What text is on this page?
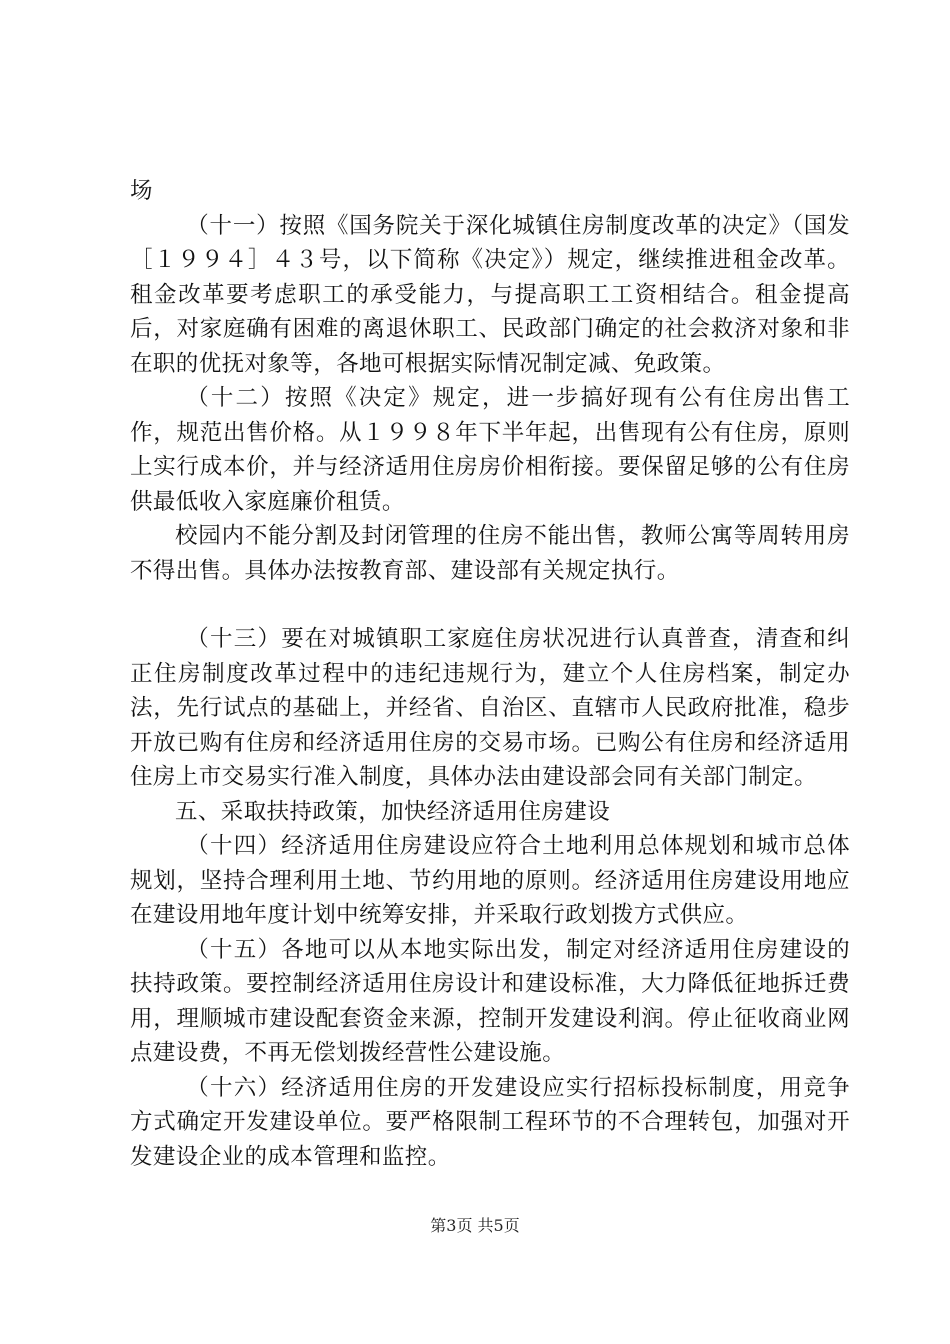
场

（十一）按照《国务院关于深化城镇住房制度改革的决定》（国发［１９９４］４３号，以下简称《决定》）规定，继续推进租金改革。租金改革要考虑职工的承受能力，与提高职工工资相结合。租金提高后，对家庭确有困难的离退休职工、民政部门确定的社会救济对象和非在职的优抚对象等，各地可根据实际情况制定减、免政策。

（十二）按照《决定》规定，进一步搞好现有公有住房出售工作，规范出售价格。从１９９８年下半年起，出售现有公有住房，原则上实行成本价，并与经济适用住房房价相衔接。要保留足够的公有住房供最低收入家庭廉价租赁。

校园内不能分割及封闭管理的住房不能出售，教师公寓等周转用房不得出售。具体办法按教育部、建设部有关规定执行。

（十三）要在对城镇职工家庭住房状况进行认真普查，清查和纠正住房制度改革过程中的违纪违规行为，建立个人住房档案，制定办法，先行试点的基础上，并经省、自治区、直辖市人民政府批准，稳步开放已购有住房和经济适用住房的交易市场。已购公有住房和经济适用住房上市交易实行准入制度，具体办法由建设部会同有关部门制定。

五、采取扶持政策，加快经济适用住房建设

（十四）经济适用住房建设应符合土地利用总体规划和城市总体规划，坚持合理利用土地、节约用地的原则。经济适用住房建设用地应在建设用地年度计划中统筹安排，并采取行政划拨方式供应。

（十五）各地可以从本地实际出发，制定对经济适用住房建设的扶持政策。要控制经济适用住房设计和建设标准，大力降低征地拆迁费用，理顺城市建设配套资金来源，控制开发建设利润。停止征收商业网点建设费，不再无偿划拨经营性公建设施。

（十六）经济适用住房的开发建设应实行招标投标制度，用竞争方式确定开发建设单位。要严格限制工程环节的不合理转包，加强对开发建设企业的成本管理和监控。

第3页 共5页
